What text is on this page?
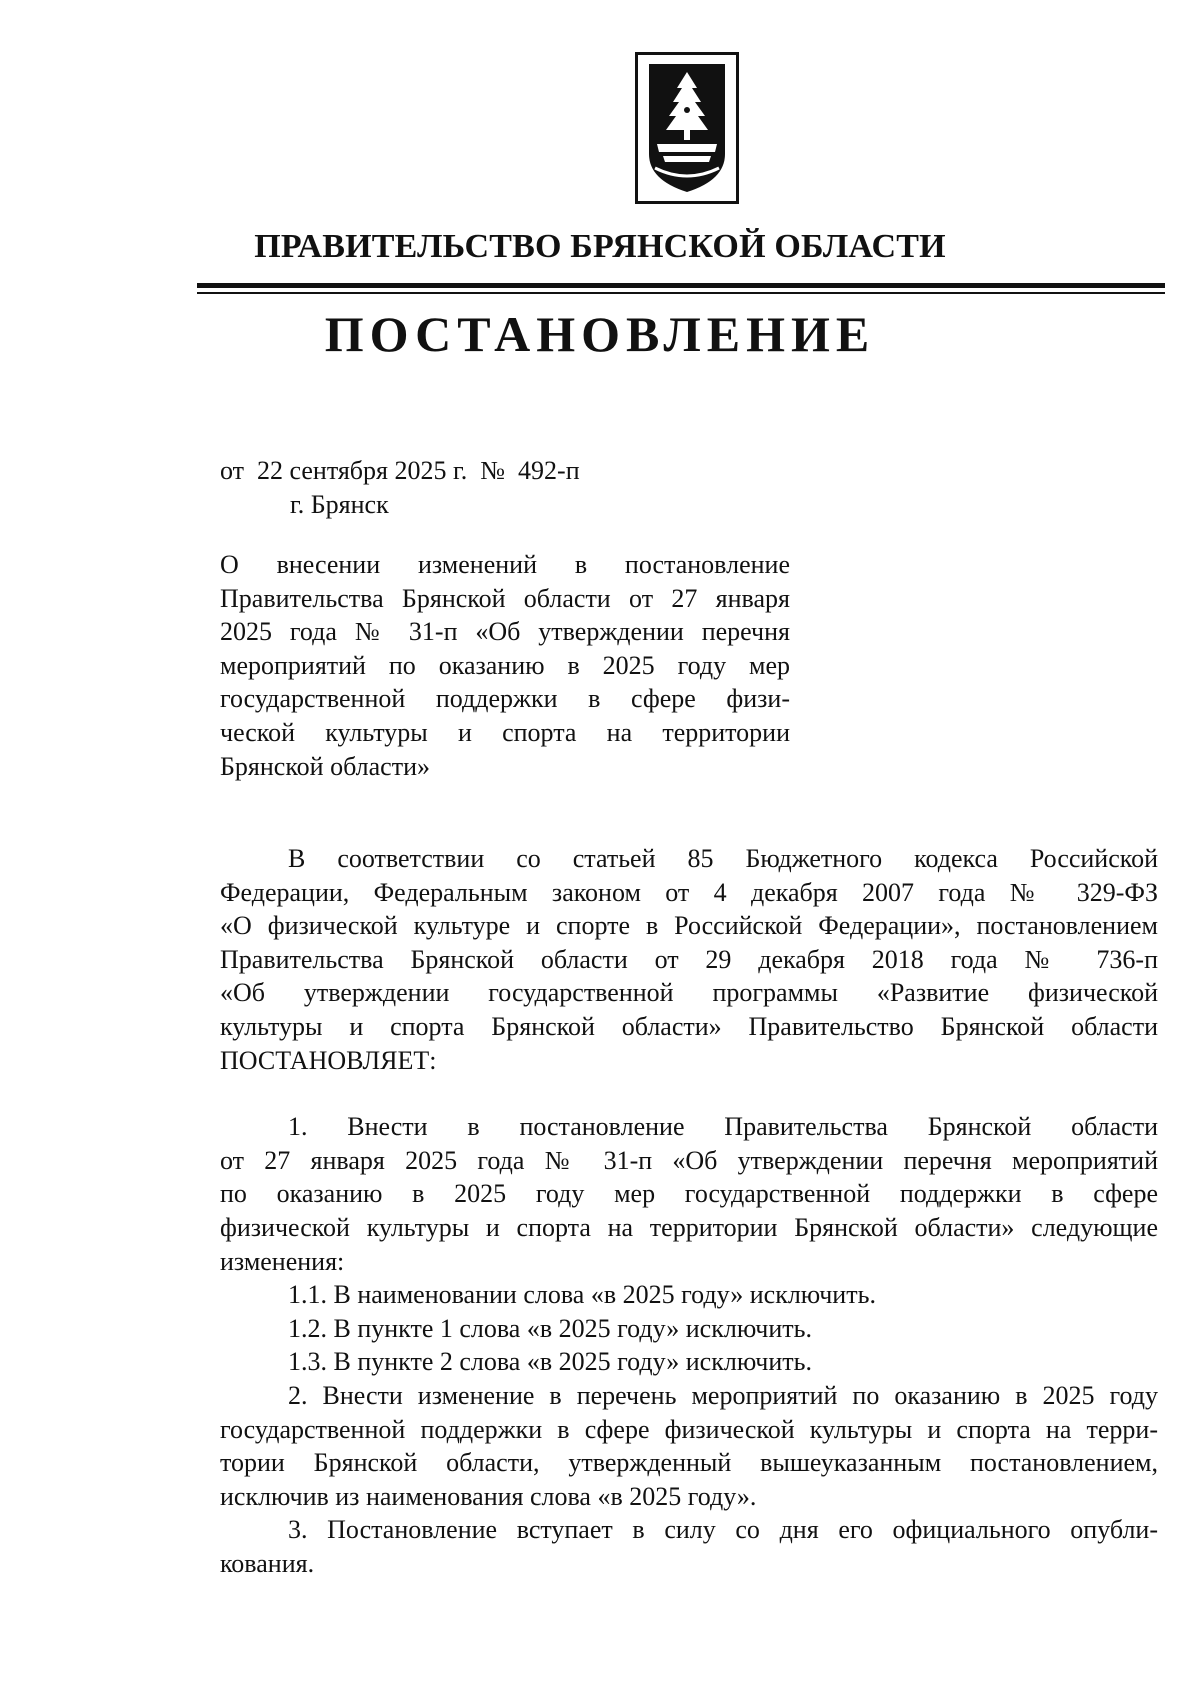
ПРАВИТЕЛЬСТВО БРЯНСКОЙ ОБЛАСТИ
ПОСТАНОВЛЕНИЕ
от  22 сентября 2025 г.  №  492-п
г. Брянск
О внесении изменений в постановление
Правительства Брянской области от 27 января
2025 года № 31-п «Об утверждении перечня
мероприятий по оказанию в 2025 году мер
государственной поддержки в сфере физи-
ческой культуры и спорта на территории
Брянской области»
В соответствии со статьей 85 Бюджетного кодекса Российской
Федерации, Федеральным законом от 4 декабря 2007 года № 329-ФЗ
«О физической культуре и спорте в Российской Федерации», постановлением
Правительства Брянской области от 29 декабря 2018 года № 736-п
«Об утверждении государственной программы «Развитие физической
культуры и спорта Брянской области» Правительство Брянской области
ПОСТАНОВЛЯЕТ:
1. Внести в постановление Правительства Брянской области
от 27 января 2025 года № 31-п «Об утверждении перечня мероприятий
по оказанию в 2025 году мер государственной поддержки в сфере
физической культуры и спорта на территории Брянской области» следующие
изменения:
1.1. В наименовании слова «в 2025 году» исключить.
1.2. В пункте 1 слова «в 2025 году» исключить.
1.3. В пункте 2 слова «в 2025 году» исключить.
2. Внести изменение в перечень мероприятий по оказанию в 2025 году
государственной поддержки в сфере физической культуры и спорта на терри-
тории Брянской области, утвержденный вышеуказанным постановлением,
исключив из наименования слова «в 2025 году».
3. Постановление вступает в силу со дня его официального опубли-
кования.
